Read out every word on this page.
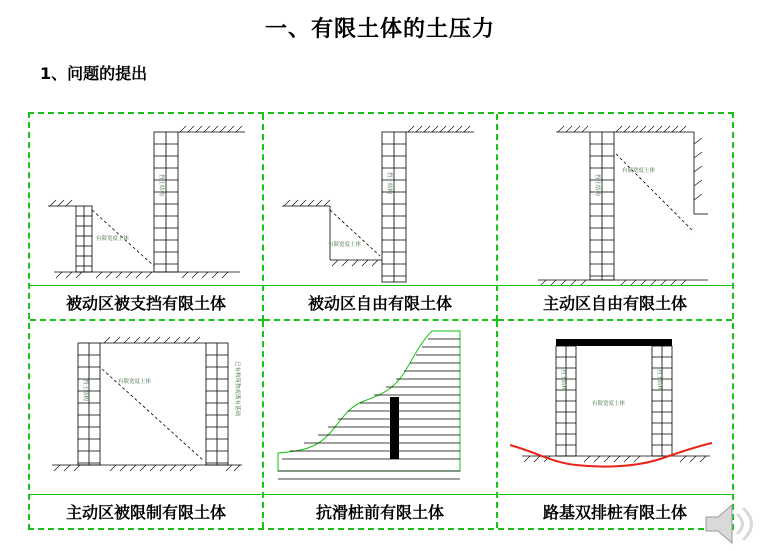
一、有限土体的土压力
1、问题的提出
挡土结构
有限宽度土体
被动区被支挡有限土体
挡土结构
有限宽度土体
被动区自由有限土体
挡土结构
有限宽度土体
主动区自由有限土体
挡土结构	有限宽度土体	已有构筑物或既有基础
主动区被限制有限土体	抗滑桩前有限土体
挡土结构
有限宽度土体
挡土结构
路基双排桩有限土体
